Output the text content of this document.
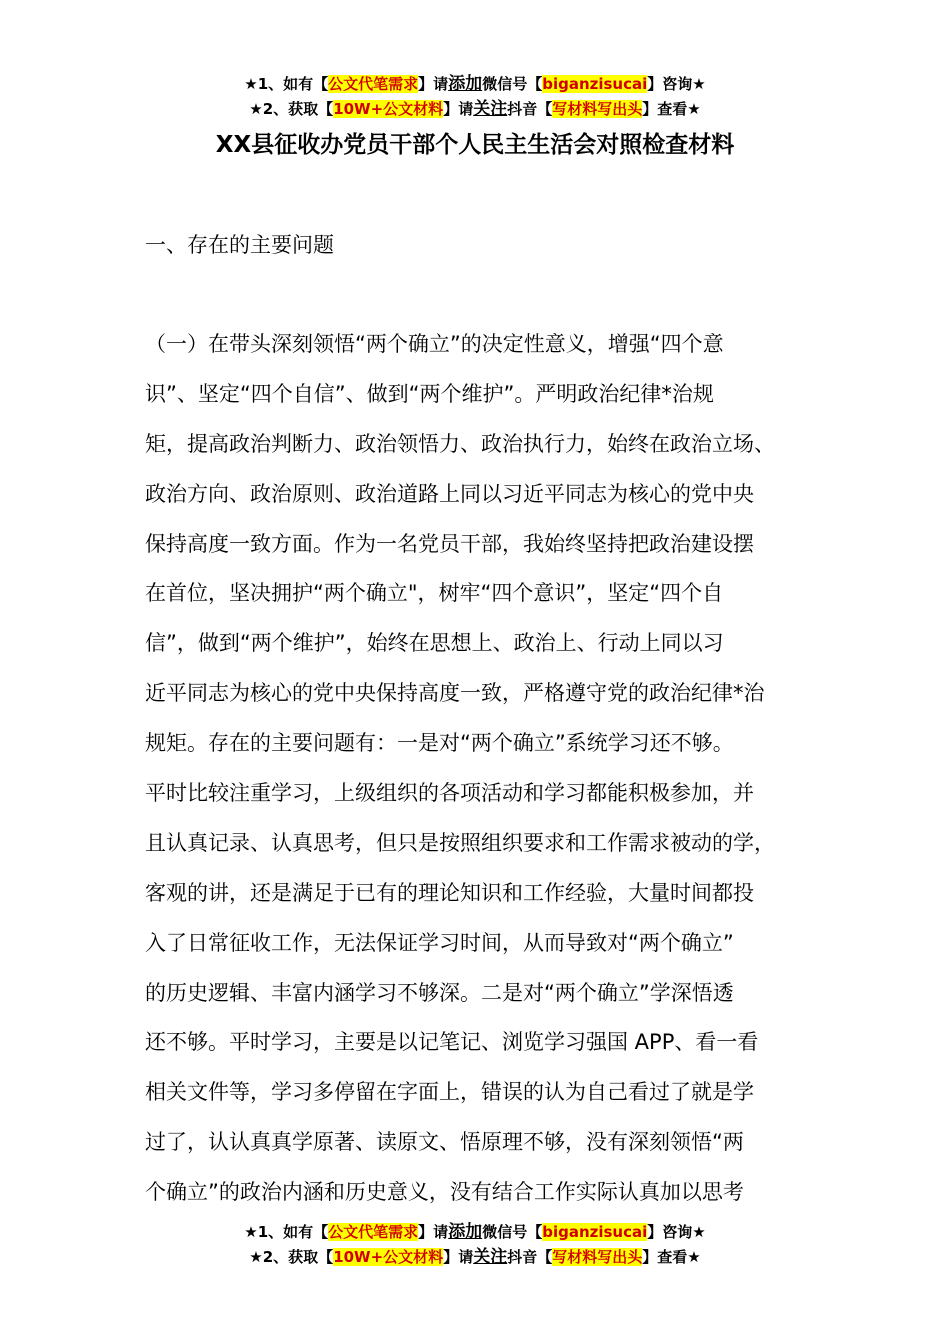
★1、如有【公文代笔需求】请添加微信号【biganzisucai】咨询★
★2、获取【10W+公文材料】请关注抖音【写材料写出头】查看★
XX县征收办党员干部个人民主生活会对照检查材料
一、存在的主要问题
（一）在带头深刻领悟“两个确立”的决定性意义，增强“四个意
识”、坚定“四个自信”、做到“两个维护”。严明政治纪律*治规
矩，提高政治判断力、政治领悟力、政治执行力，始终在政治立场、
政治方向、政治原则、政治道路上同以习近平同志为核心的党中央
保持高度一致方面。作为一名党员干部，我始终坚持把政治建设摆
在首位，坚决拥护“两个确立"，树牢“四个意识”，坚定“四个自
信”，做到“两个维护”，始终在思想上、政治上、行动上同以习
近平同志为核心的党中央保持高度一致，严格遵守党的政治纪律*治
规矩。存在的主要问题有：一是对“两个确立”系统学习还不够。
平时比较注重学习，上级组织的各项活动和学习都能积极参加，并
且认真记录、认真思考，但只是按照组织要求和工作需求被动的学，
客观的讲，还是满足于已有的理论知识和工作经验，大量时间都投
入了日常征收工作，无法保证学习时间，从而导致对“两个确立”
的历史逻辑、丰富内涵学习不够深。二是对“两个确立”学深悟透
还不够。平时学习，主要是以记笔记、浏览学习强国 APP、看一看
相关文件等，学习多停留在字面上，错误的认为自己看过了就是学
过了，认认真真学原著、读原文、悟原理不够，没有深刻领悟“两
个确立”的政治内涵和历史意义，没有结合工作实际认真加以思考
★1、如有【公文代笔需求】请添加微信号【biganzisucai】咨询★
★2、获取【10W+公文材料】请关注抖音【写材料写出头】查看★
